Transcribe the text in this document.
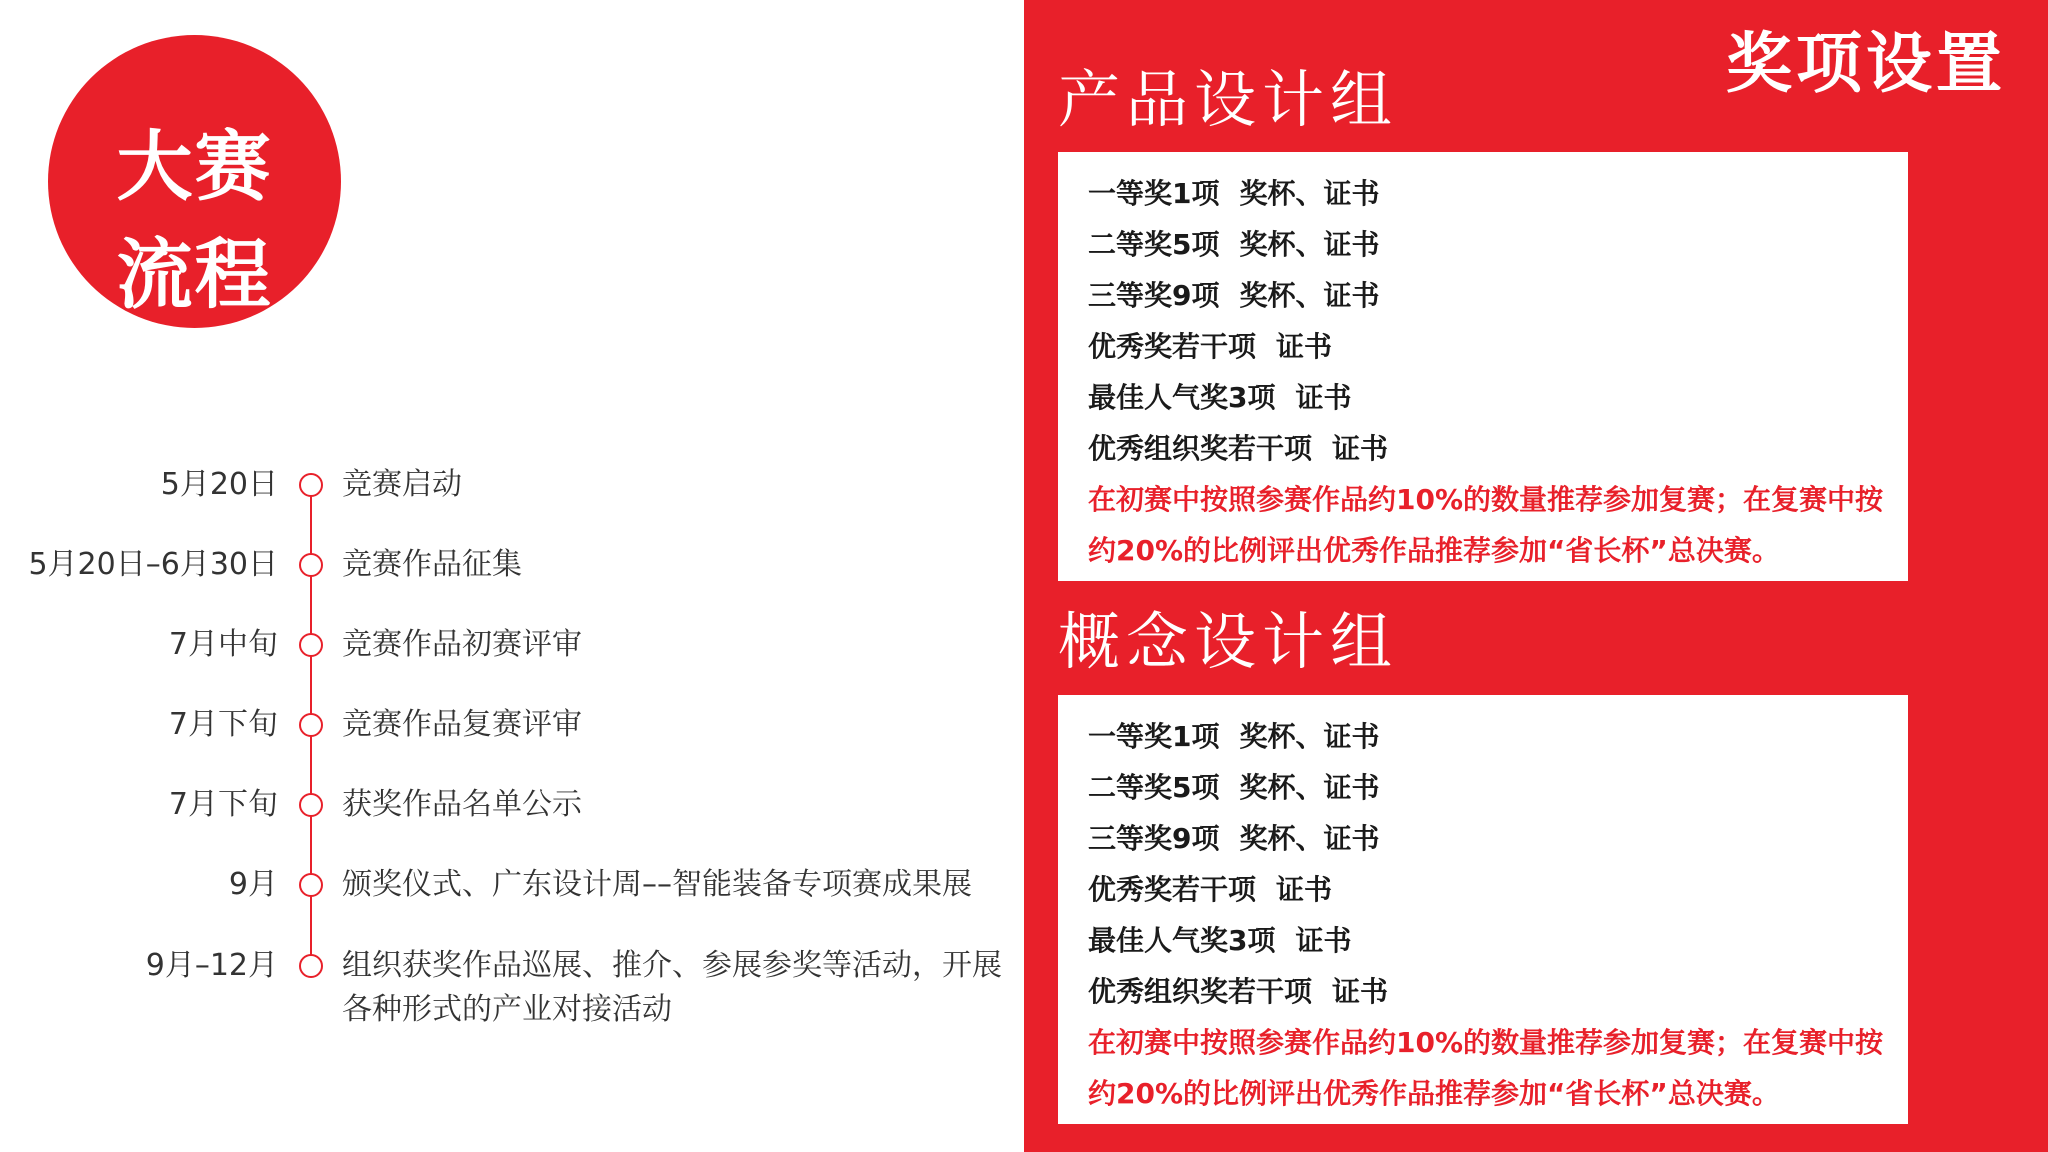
大赛
流程
5月20日 竞赛启动
5月20日–6月30日 竞赛作品征集
7月中旬 竞赛作品初赛评审
7月下旬 竞赛作品复赛评审
7月下旬 获奖作品名单公示
9月 颁奖仪式、广东设计周––智能装备专项赛成果展
9月–12月 组织获奖作品巡展、推介、参展参奖等活动，开展各种形式的产业对接活动
奖项设置
产品设计组
一等奖1项 奖杯、证书
二等奖5项 奖杯、证书
三等奖9项 奖杯、证书
优秀奖若干项 证书
最佳人气奖3项 证书
优秀组织奖若干项 证书
在初赛中按照参赛作品约10%的数量推荐参加复赛；在复赛中按约20%的比例评出优秀作品推荐参加“省长杯”总决赛。
概念设计组
一等奖1项 奖杯、证书
二等奖5项 奖杯、证书
三等奖9项 奖杯、证书
优秀奖若干项 证书
最佳人气奖3项 证书
优秀组织奖若干项 证书
在初赛中按照参赛作品约10%的数量推荐参加复赛；在复赛中按约20%的比例评出优秀作品推荐参加“省长杯”总决赛。
